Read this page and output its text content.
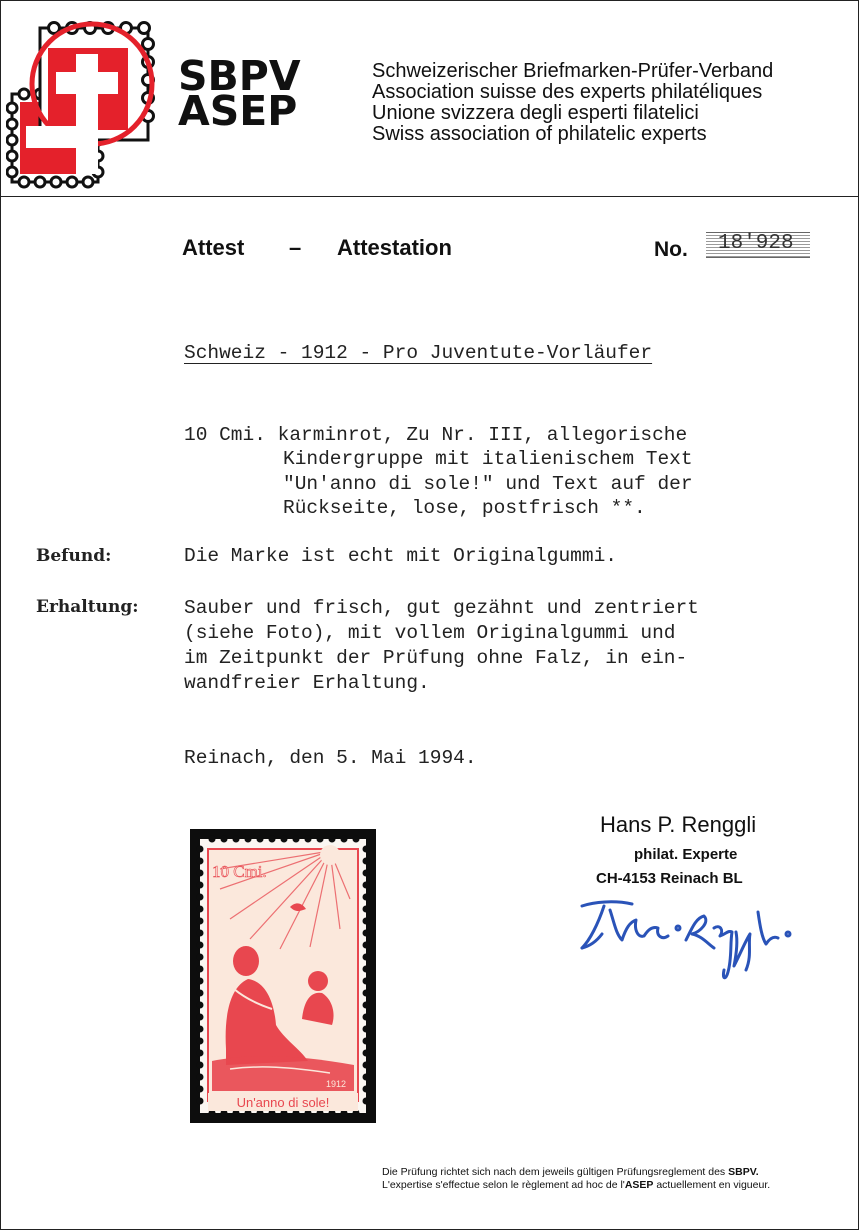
SBPV
ASEP
Schweizerischer Briefmarken-Prüfer-Verband
Association suisse des experts philatéliques
Unione svizzera degli esperti filatelici
Swiss association of philatelic experts
Attest – Attestation	No. 18'928
Schweiz - 1912 - Pro Juventute-Vorläufer
10 Cmi. karminrot, Zu Nr. III, allegorische
Kindergruppe mit italienischem Text
"Un'anno di sole!" und Text auf der
Rückseite, lose, postfrisch **.
Befund:	Die Marke ist echt mit Originalgummi.
Erhaltung: Sauber und frisch, gut gezähnt und zentriert
(siehe Foto), mit vollem Originalgummi und
im Zeitpunkt der Prüfung ohne Falz, in ein-
wandfreier Erhaltung.
Reinach, den 5. Mai 1994.
Hans P. Renggli
philat. Experte
CH-4153 Reinach BL
10 Cmi.
1912
Un'anno di sole!
Die Prüfung richtet sich nach dem jeweils gültigen Prüfungsreglement des SBPV.
L'expertise s'effectue selon le règlement ad hoc de l'ASEP actuellement en vigueur.
